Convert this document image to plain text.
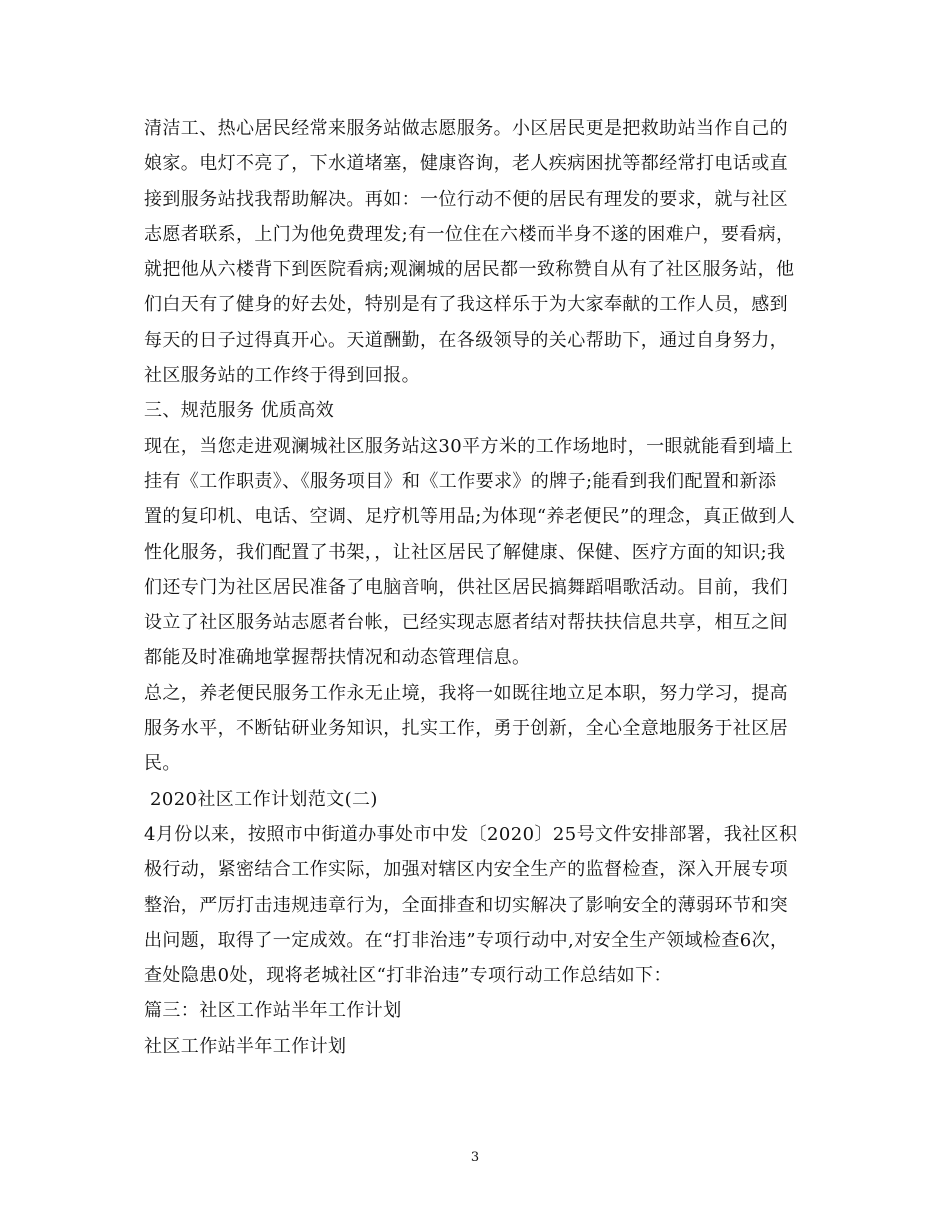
清洁工、热心居民经常来服务站做志愿服务。小区居民更是把救助站当作自己的
娘家。电灯不亮了，下水道堵塞，健康咨询，老人疾病困扰等都经常打电话或直
接到服务站找我帮助解决。再如：一位行动不便的居民有理发的要求，就与社区
志愿者联系，上门为他免费理发;有一位住在六楼而半身不遂的困难户，要看病，
就把他从六楼背下到医院看病;观澜城的居民都一致称赞自从有了社区服务站，他
们白天有了健身的好去处，特别是有了我这样乐于为大家奉献的工作人员，感到
每天的日子过得真开心。天道酬勤，在各级领导的关心帮助下，通过自身努力，
社区服务站的工作终于得到回报。
三、规范服务 优质高效
现在，当您走进观澜城社区服务站这30平方米的工作场地时，一眼就能看到墙上
挂有《工作职责》、《服务项目》和《工作要求》的牌子;能看到我们配置和新添
置的复印机、电话、空调、足疗机等用品;为体现“养老便民”的理念，真正做到人
性化服务，我们配置了书架，，让社区居民了解健康、保健、医疗方面的知识;我
们还专门为社区居民准备了电脑音响，供社区居民搞舞蹈唱歌活动。目前，我们
设立了社区服务站志愿者台帐，已经实现志愿者结对帮扶扶信息共享，相互之间
都能及时准确地掌握帮扶情况和动态管理信息。
总之，养老便民服务工作永无止境，我将一如既往地立足本职，努力学习，提高
服务水平，不断钻研业务知识，扎实工作，勇于创新，全心全意地服务于社区居
民。
2020社区工作计划范文(二)
4月份以来，按照市中街道办事处市中发〔2020〕25号文件安排部署，我社区积
极行动，紧密结合工作实际，加强对辖区内安全生产的监督检查，深入开展专项
整治，严厉打击违规违章行为，全面排查和切实解决了影响安全的薄弱环节和突
出问题，取得了一定成效。在“打非治违”专项行动中,对安全生产领域检查6次，
查处隐患0处，现将老城社区“打非治违”专项行动工作总结如下：
篇三：社区工作站半年工作计划
社区工作站半年工作计划
3
